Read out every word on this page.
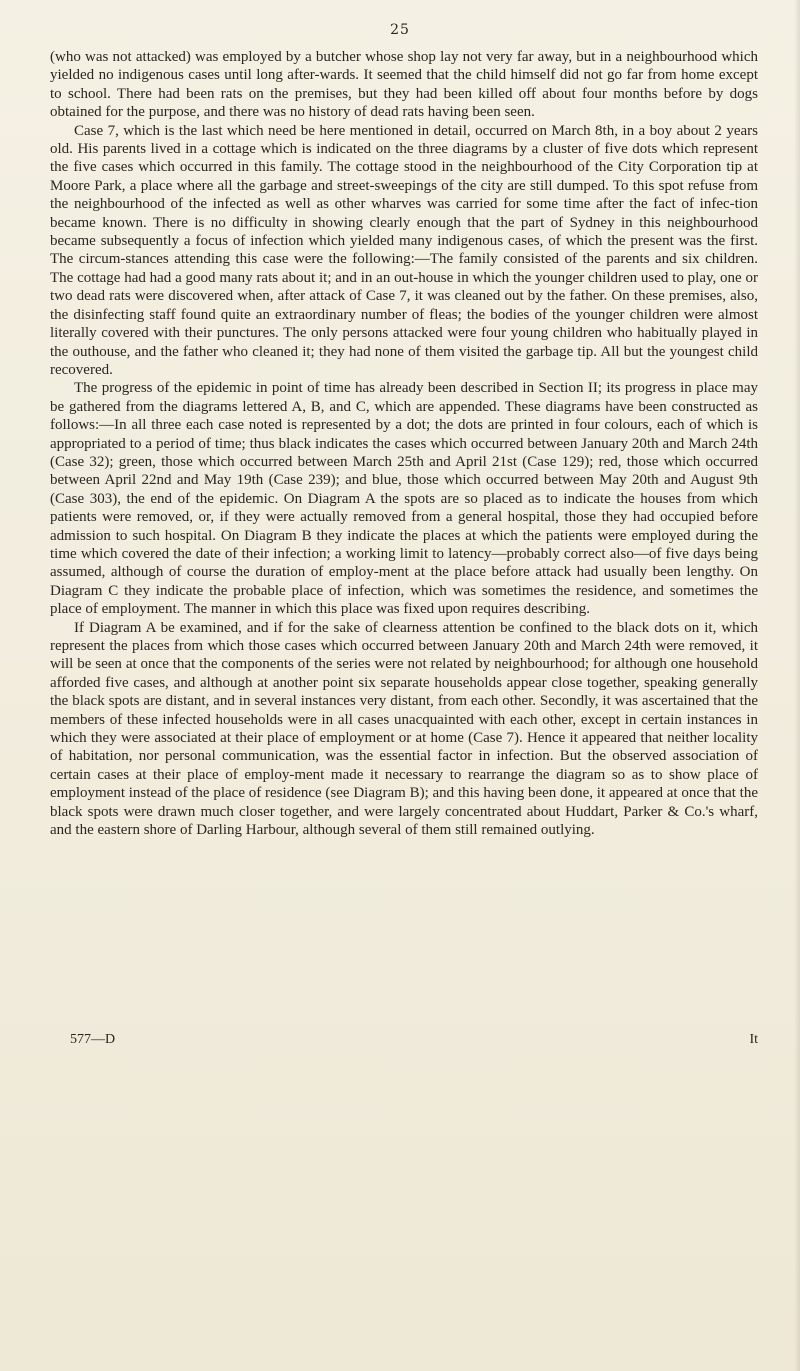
25

(who was not attacked) was employed by a butcher whose shop lay not very far away, but in a neighbourhood which yielded no indigenous cases until long after-wards. It seemed that the child himself did not go far from home except to school. There had been rats on the premises, but they had been killed off about four months before by dogs obtained for the purpose, and there was no history of dead rats having been seen.

Case 7, which is the last which need be here mentioned in detail, occurred on March 8th, in a boy about 2 years old. His parents lived in a cottage which is indicated on the three diagrams by a cluster of five dots which represent the five cases which occurred in this family. The cottage stood in the neighbourhood of the City Corporation tip at Moore Park, a place where all the garbage and street-sweepings of the city are still dumped. To this spot refuse from the neighbourhood of the infected as well as other wharves was carried for some time after the fact of infec-tion became known. There is no difficulty in showing clearly enough that the part of Sydney in this neighbourhood became subsequently a focus of infection which yielded many indigenous cases, of which the present was the first. The circum-stances attending this case were the following:—The family consisted of the parents and six children. The cottage had had a good many rats about it; and in an out-house in which the younger children used to play, one or two dead rats were discovered when, after attack of Case 7, it was cleaned out by the father. On these premises, also, the disinfecting staff found quite an extraordinary number of fleas; the bodies of the younger children were almost literally covered with their punctures. The only persons attacked were four young children who habitually played in the outhouse, and the father who cleaned it; they had none of them visited the garbage tip. All but the youngest child recovered.

The progress of the epidemic in point of time has already been described in Section II; its progress in place may be gathered from the diagrams lettered A, B, and C, which are appended. These diagrams have been constructed as follows:—In all three each case noted is represented by a dot; the dots are printed in four colours, each of which is appropriated to a period of time; thus black indicates the cases which occurred between January 20th and March 24th (Case 32); green, those which occurred between March 25th and April 21st (Case 129); red, those which occurred between April 22nd and May 19th (Case 239); and blue, those which occurred between May 20th and August 9th (Case 303), the end of the epidemic. On Diagram A the spots are so placed as to indicate the houses from which patients were removed, or, if they were actually removed from a general hospital, those they had occupied before admission to such hospital. On Diagram B they indicate the places at which the patients were employed during the time which covered the date of their infection; a working limit to latency—probably correct also—of five days being assumed, although of course the duration of employ-ment at the place before attack had usually been lengthy. On Diagram C they indicate the probable place of infection, which was sometimes the residence, and sometimes the place of employment. The manner in which this place was fixed upon requires describing.

If Diagram A be examined, and if for the sake of clearness attention be confined to the black dots on it, which represent the places from which those cases which occurred between January 20th and March 24th were removed, it will be seen at once that the components of the series were not related by neighbourhood; for although one household afforded five cases, and although at another point six separate households appear close together, speaking generally the black spots are distant, and in several instances very distant, from each other. Secondly, it was ascertained that the members of these infected households were in all cases unacquainted with each other, except in certain instances in which they were associated at their place of employment or at home (Case 7). Hence it appeared that neither locality of habitation, nor personal communication, was the essential factor in infection. But the observed association of certain cases at their place of employ-ment made it necessary to rearrange the diagram so as to show place of employment instead of the place of residence (see Diagram B); and this having been done, it appeared at once that the black spots were drawn much closer together, and were largely concentrated about Huddart, Parker & Co.'s wharf, and the eastern shore of Darling Harbour, although several of them still remained outlying.

577—D	It
